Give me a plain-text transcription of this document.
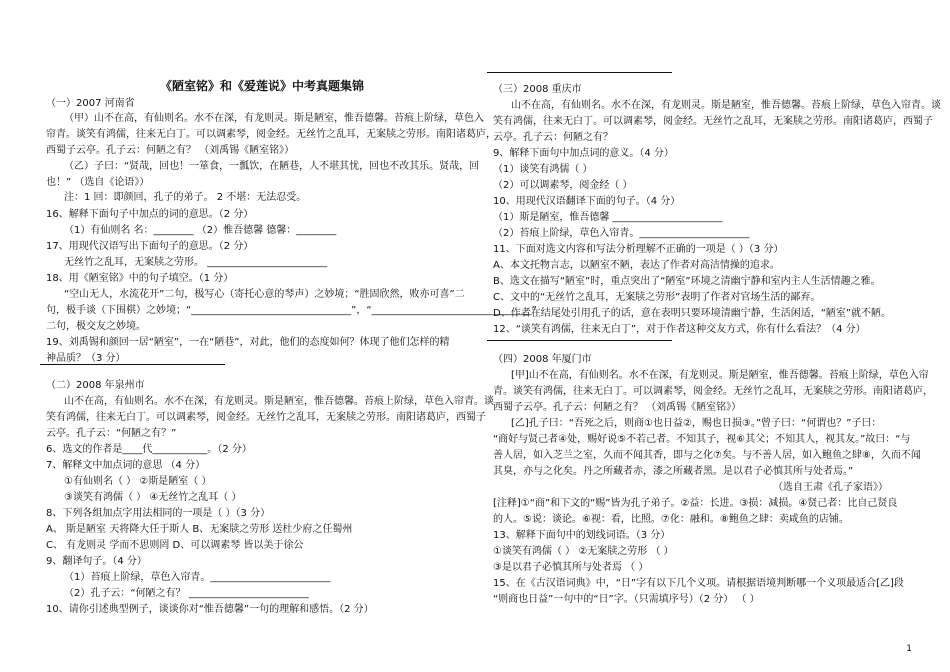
《陋室铭》和《爱莲说》中考真题集锦
（一）2007 河南省
（甲）山不在高，有仙则名。水不在深，有龙则灵。斯是陋室，惟吾德馨。苔痕上阶绿，草色入
帘青。谈笑有鸿儒，往来无白丁。可以调素琴，阅金经。无丝竹之乱耳，无案牍之劳形。南阳诸葛庐，
西蜀子云亭。孔子云：何陋之有？ （刘禹锡《陋室铭》）
（乙）子曰：“贤哉，回也！一箪食，一瓢饮，在陋巷，人不堪其忧，回也不改其乐。贤哉，回
也！” （选自《论语》）
注：1 回：即颜回，孔子的弟子。 2 不堪：无法忍受。
16、解释下面句子中加点的词的意思。（2 分）
（1）有仙则名 名：________ （2）惟吾德馨 德馨：________
17、用现代汉语写出下面句子的意思。（2 分）
无丝竹之乱耳，无案牍之劳形。 ________________________
18、用《陋室铭》中的句子填空。（1 分）
“空山无人，水流花开”二句，极写心（寄托心意的琴声）之妙境；“胜固欣然，败亦可喜”二
句，极手谈（下围棋）之妙境；“________________________________”，“________________________________”
二句，极交友之妙境。
19、刘禹锡和颜回一居“陋室”，一在“陋巷”，对此，他们的态度如何？体现了他们怎样的精
神品质？（3 分）
（二）2008 年泉州市
山不在高，有仙则名。水不在深，有龙则灵。斯是陋室，惟吾德馨。苔痕上阶绿，草色入帘青。谈
笑有鸿儒，往来无白丁。可以调素琴，阅金经。无丝竹之乱耳，无案牍之劳形。南阳诸葛庐，西蜀子
云亭。孔子云：“何陋之有？”
6、选文的作者是____代___________。（2 分）
7、解释文中加点词的意思 （4 分）
①有仙则名（ ） ②斯是陋室（ ）
③谈笑有鸿儒（ ） ④无丝竹之乱耳（ ）
8、下列各组加点字用法相同的一项是（ ）（3 分）
A、 斯是陋室 天将降大任于斯人 B、无案牍之劳形 送杜少府之任蜀州
C、 有龙则灵 学而不思则罔 D、可以调素琴 皆以美于徐公
9、翻译句子。（4 分）
（1）苔痕上阶绿，草色入帘青。________________________
（2）孔子云：“何陋之有？ ________________________
10、请你引述典型例子，谈谈你对“惟吾德馨”一句的理解和感悟。（2 分）
（三）2008 重庆市
山不在高，有仙则名。水不在深，有龙则灵。斯是陋室，惟吾德馨。苔痕上阶绿，草色入帘青。谈
笑有鸿儒，往来无白丁。可以调素琴，阅金经。无丝竹之乱耳，无案牍之劳形。南阳诸葛庐，西蜀子
云亭。孔子云：何陋之有？
9、解释下面句中加点词的意义。（4 分）
（1）谈笑有鸿儒（ ）
（2）可以调素琴，阅金经（ ）
10、用现代汉语翻译下面的句子。（4 分）
（1）斯是陋室，惟吾德馨 ______________________
（2）苔痕上阶绿，草色入帘青。______________________
11、下面对选文内容和写法分析理解不正确的一项是（ ）（3 分）
A、本文托物言志，以陋室不陋，表达了作者对高洁情操的追求。
B、选文在描写“陋室”时，重点突出了“陋室”环境之清幽宁静和室内主人生活情趣之雅。
C、文中的“无丝竹之乱耳，无案牍之劳形”表明了作者对官场生活的鄙弃。
D、作者在结尾处引用孔子的话，意在表明只要环境清幽宁静，生活闲适，“陋室”就不陋。
12、“谈笑有鸿儒，往来无白丁”，对于作者这种交友方式，你有什么看法？（4 分）
（四）2008 年厦门市
[甲]山不在高，有仙则名。水不在深，有龙则灵。斯是陋室，惟吾德馨。苔痕上阶绿，草色入帘
青。谈笑有鸿儒，往来无白丁。可以调素琴，阅金经。无丝竹之乱耳，无案牍之劳形。南阳诸葛庐，
西蜀子云亭。孔子云：何陋之有？ （刘禹锡《陋室铭》）
[乙]孔子曰：“吾死之后，则商①也日益②，赐也日损③。”曾子曰：“何谓也？”子曰：
“商好与贤己者④处，赐好说⑤不若己者。不知其子，视⑥其父；不知其人，视其友。”故曰：“与
善人居，如入芝兰之室，久而不闻其香，即与之化⑦矣。与不善人居，如入鲍鱼之肆⑧，久而不闻
其臭，亦与之化矣。丹之所藏者赤，漆之所藏者黑。是以君子必慎其所与处者焉。”
（选自王肃《孔子家语》）
[注释]①“商”和下文的“赐”皆为孔子弟子。②益：长进。③损：减损。④贤己者：比自己贤良
的人。⑤说：谈论。⑥视：看，比照。⑦化：融和。⑧鲍鱼之肆：卖咸鱼的店铺。
13、解释下面句中的划线词语。（3 分）
①谈笑有鸿儒（ ） ②无案牍之劳形 （ ）
③是以君子必慎其所与处者焉 （ ）
15、在《古汉语词典》中，“日”字有以下几个义项。请根据语境判断哪一个义项最适合[乙]段
“则商也日益”一句中的“日”字。（只需填序号）（2 分） （ ）
1
